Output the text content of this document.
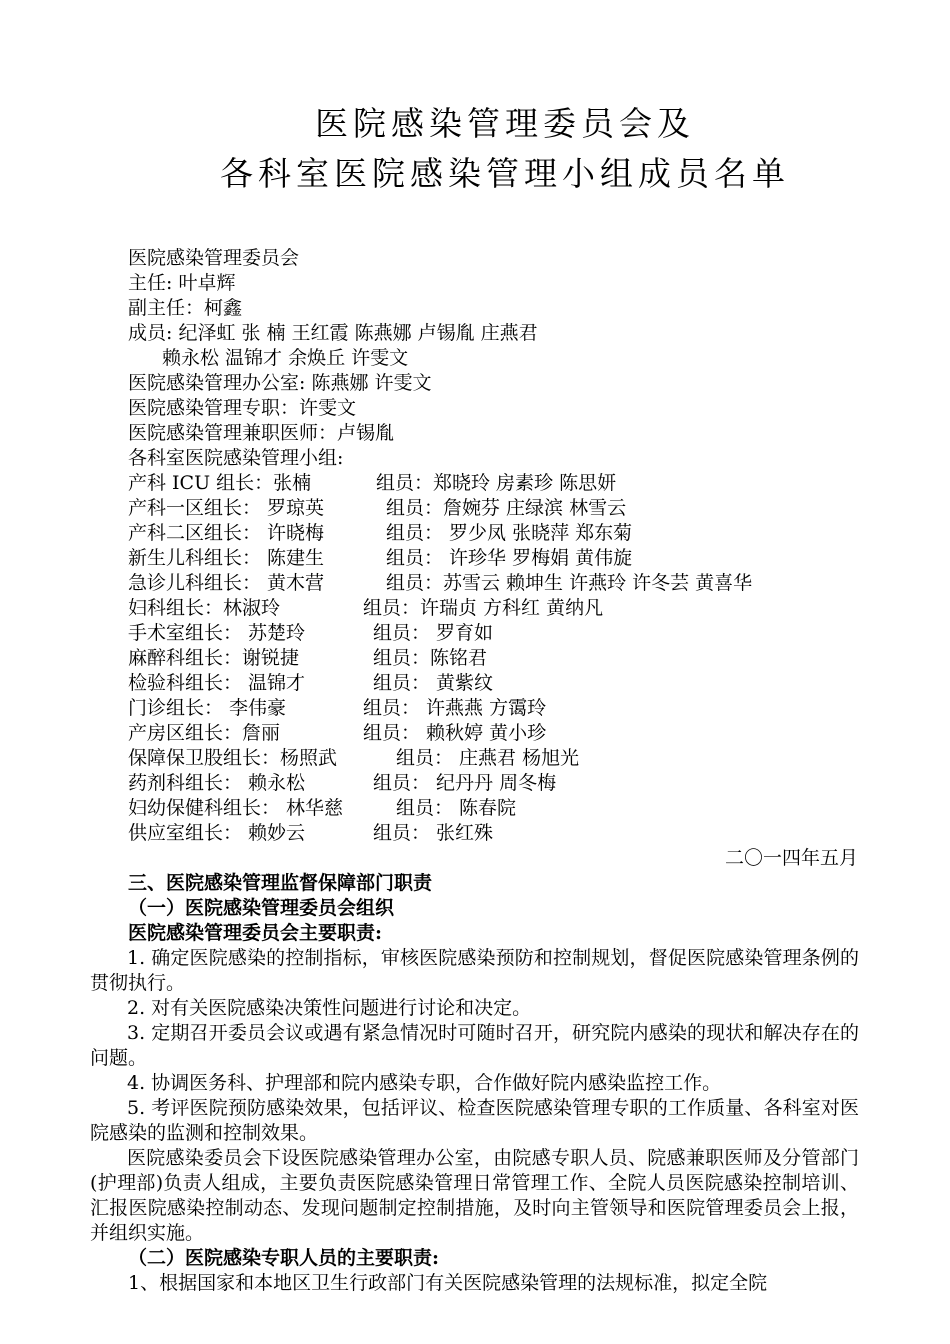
医院感染管理委员会及
各科室医院感染管理小组成员名单
医院感染管理委员会
主任: 叶卓辉
副主任：柯鑫
成员: 纪泽虹 张 楠 王红霞 陈燕娜 卢锡胤 庄燕君
赖永松 温锦才 余焕丘 许雯文
医院感染管理办公室: 陈燕娜 许雯文
医院感染管理专职：许雯文
医院感染管理兼职医师：卢锡胤
各科室医院感染管理小组:
产科 ICU 组长：张楠	组员：郑晓玲 房素珍 陈思妍
产科一区组长： 罗琼英	组员：詹婉芬 庄绿滨 林雪云
产科二区组长： 许晓梅	组员： 罗少凤 张晓萍 郑东菊
新生儿科组长： 陈建生	组员： 许珍华 罗梅娟 黄伟旋
急诊儿科组长： 黄木营	组员：苏雪云 赖坤生 许燕玲 许冬芸 黄喜华
妇科组长：林淑玲	组员：许瑞贞 方科红 黄纳凡
手术室组长： 苏楚玲	组员： 罗育如
麻醉科组长：谢锐捷	组员：陈铭君
检验科组长： 温锦才	组员： 黄紫纹
门诊组长： 李伟豪	组员： 许燕燕 方霭玲
产房区组长：詹丽	组员： 赖秋婷 黄小珍
保障保卫股组长：杨照武	组员： 庄燕君 杨旭光
药剂科组长： 赖永松	组员： 纪丹丹 周冬梅
妇幼保健科组长： 林华慈	组员： 陈春院
供应室组长： 赖妙云	组员： 张红殊
二〇一四年五月
三、医院感染管理监督保障部门职责
（一）医院感染管理委员会组织
医院感染管理委员会主要职责:

1. 确定医院感染的控制指标，审核医院感染预防和控制规划，督促医院感染管理条例的贯彻执行。

2. 对有关医院感染决策性问题进行讨论和决定。

3. 定期召开委员会议或遇有紧急情况时可随时召开，研究院内感染的现状和解决存在的问题。

4. 协调医务科、护理部和院内感染专职，合作做好院内感染监控工作。

5. 考评医院预防感染效果，包括评议、检查医院感染管理专职的工作质量、各科室对医院感染的监测和控制效果。

医院感染委员会下设医院感染管理办公室，由院感专职人员、院感兼职医师及分管部门(护理部)负责人组成，主要负责医院感染管理日常管理工作、全院人员医院感染控制培训、汇报医院感染控制动态、发现问题制定控制措施，及时向主管领导和医院管理委员会上报，并组织实施。

（二）医院感染专职人员的主要职责:
1、根据国家和本地区卫生行政部门有关医院感染管理的法规标准，拟定全院
